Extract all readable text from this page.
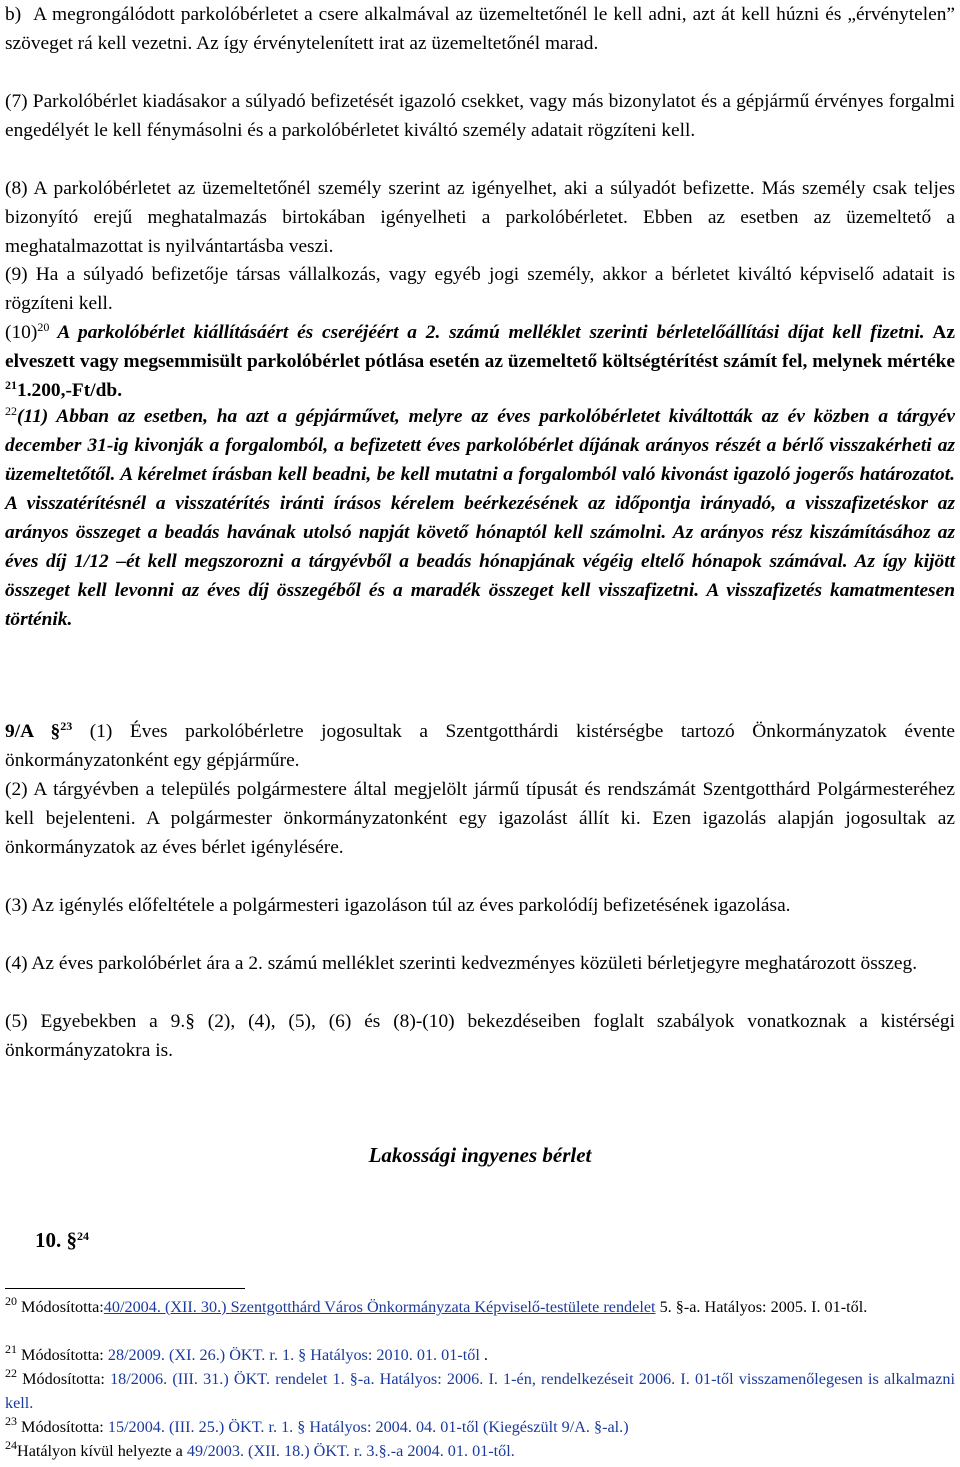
b)  A megrongálódott parkolóbérletet a csere alkalmával az üzemeltetőnél le kell adni, azt át kell húzni és „érvénytelen” szöveget rá kell vezetni. Az így érvénytelenített irat az üzemeltetőnél marad.

(7) Parkolóbérlet kiadásakor a súlyadó befizetését igazoló csekket, vagy más bizonylatot és a gépjármű érvényes forgalmi engedélyét le kell fénymásolni és a parkolóbérletet kiváltó személy adatait rögzíteni kell.

(8) A parkolóbérletet az üzemeltetőnél személy szerint az igényelhet, aki a súlyadót befizette. Más személy csak teljes bizonyító erejű meghatalmazás birtokában igényelheti a parkolóbérletet. Ebben az esetben az üzemeltető a meghatalmazottat is nyilvántartásba veszi.

(9) Ha a súlyadó befizetője társas vállalkozás, vagy egyéb jogi személy, akkor a bérletet kiváltó képviselő adatait is rögzíteni kell.

$(10)^{20}$ A parkolóbérlet kiállításáért és cseréjéért a 2. számú melléklet szerinti bérletelőállítási díjat kell fizetni. Az elveszett vagy megsemmisült parkolóbérlet pótlása esetén az üzemeltető költségtérítést számít fel, melynek mértéke $^{21}$1.200,-Ft/db.

$^{22}$(11) Abban az esetben, ha azt a gépjárművet, melyre az éves parkolóbérletet kiváltották az év közben a tárgyév december 31-ig kivonják a forgalomból, a befizetett éves parkolóbérlet díjának arányos részét a bérlő visszakérheti az üzemeltetőtől. A kérelmet írásban kell beadni, be kell mutatni a forgalomból való kivonást igazoló jogerős határozatot. A visszatérítésnél a visszatérítés iránti írásos kérelem beérkezésének az időpontja irányadó, a visszafizetéskor az arányos összeget a beadás havának utolsó napját követő hónaptól kell számolni. Az arányos rész kiszámításához az éves díj 1/12 –ét kell megszorozni a tárgyévből a beadás hónapjának végéig eltelő hónapok számával. Az így kijött összeget kell levonni az éves díj összegéből és a maradék összeget kell visszafizetni. A visszafizetés kamatmentesen történik.

9/A §$^{23}$ (1) Éves parkolóbérletre jogosultak a Szentgotthárdi kistérségbe tartozó Önkormányzatok évente önkormányzatonként egy gépjárműre.

(2) A tárgyévben a település polgármestere által megjelölt jármű típusát és rendszámát Szentgotthárd Polgármesteréhez kell bejelenteni. A polgármester önkormányzatonként egy igazolást állít ki. Ezen igazolás alapján jogosultak az önkormányzatok az éves bérlet igénylésére.

(3) Az igénylés előfeltétele a polgármesteri igazoláson túl az éves parkolódíj befizetésének igazolása.

(4) Az éves parkolóbérlet ára a 2. számú melléklet szerinti kedvezményes közületi bérletjegyre meghatározott összeg.

(5) Egyebekben a 9.§ (2), (4), (5), (6) és (8)-(10) bekezdéseiben foglalt szabályok vonatkoznak a kistérségi önkormányzatokra is.

Lakossági ingyenes bérlet
10. §$^{24}$
$^{20}$ Módosította:40/2004. (XII. 30.) Szentgotthárd Város Önkormányzata Képviselő-testülete rendelet 5. §-a. Hatályos: 2005. I. 01-től.
$^{21}$ Módosította: 28/2009. (XI. 26.) ÖKT. r. 1. § Hatályos: 2010. 01. 01-től .
$^{22}$ Módosította: 18/2006. (III. 31.) ÖKT. rendelet 1. §-a. Hatályos: 2006. I. 1-én, rendelkezéseit 2006. I. 01-től visszamenőlegesen is alkalmazni kell.
$^{23}$ Módosította: 15/2004. (III. 25.) ÖKT. r. 1. § Hatályos: 2004. 04. 01-től (Kiegészült 9/A. §-al.)
$^{24}$Hatályon kívül helyezte a 49/2003. (XII. 18.) ÖKT. r. 3.§.-a 2004. 01. 01-től.
